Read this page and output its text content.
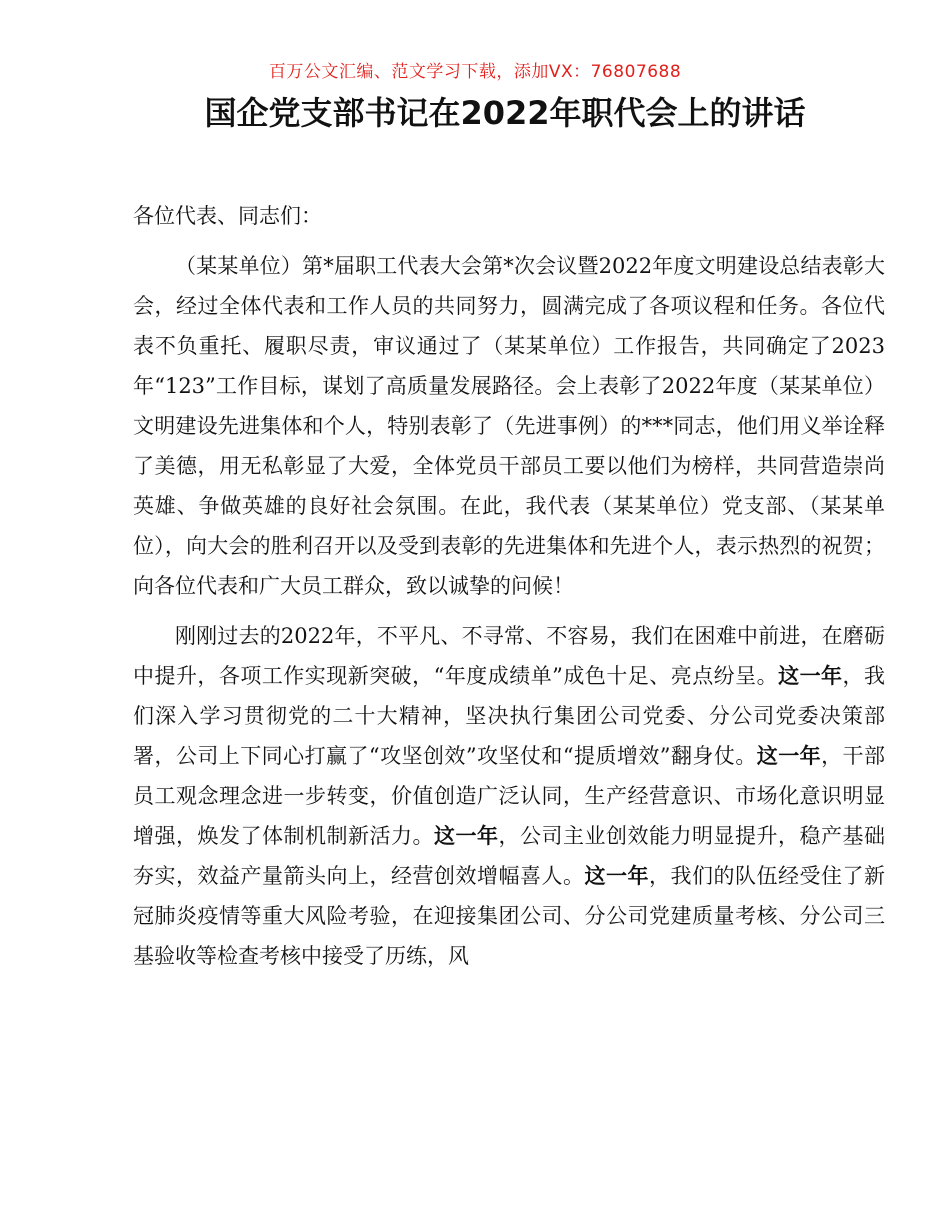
百万公文汇编、范文学习下载，添加VX：76807688
国企党支部书记在2022年职代会上的讲话

各位代表、同志们：

（某某单位）第*届职工代表大会第*次会议暨2022年度文明建设总结表彰大会，经过全体代表和工作人员的共同努力，圆满完成了各项议程和任务。各位代表不负重托、履职尽责，审议通过了（某某单位）工作报告，共同确定了2023年“123”工作目标，谋划了高质量发展路径。会上表彰了2022年度（某某单位）文明建设先进集体和个人，特别表彰了（先进事例）的***同志，他们用义举诠释了美德，用无私彰显了大爱，全体党员干部员工要以他们为榜样，共同营造崇尚英雄、争做英雄的良好社会氛围。在此，我代表（某某单位）党支部、（某某单位），向大会的胜利召开以及受到表彰的先进集体和先进个人，表示热烈的祝贺；向各位代表和广大员工群众，致以诚挚的问候！

刚刚过去的2022年，不平凡、不寻常、不容易，我们在困难中前进，在磨砺中提升，各项工作实现新突破，“年度成绩单”成色十足、亮点纷呈。这一年，我们深入学习贯彻党的二十大精神，坚决执行集团公司党委、分公司党委决策部署，公司上下同心打赢了“攻坚创效”攻坚仗和“提质增效”翻身仗。这一年，干部员工观念理念进一步转变，价值创造广泛认同，生产经营意识、市场化意识明显增强，焕发了体制机制新活力。这一年，公司主业创效能力明显提升，稳产基础夯实，效益产量箭头向上，经营创效增幅喜人。这一年，我们的队伍经受住了新冠肺炎疫情等重大风险考验，在迎接集团公司、分公司党建质量考核、分公司三基验收等检查考核中接受了历练，风
